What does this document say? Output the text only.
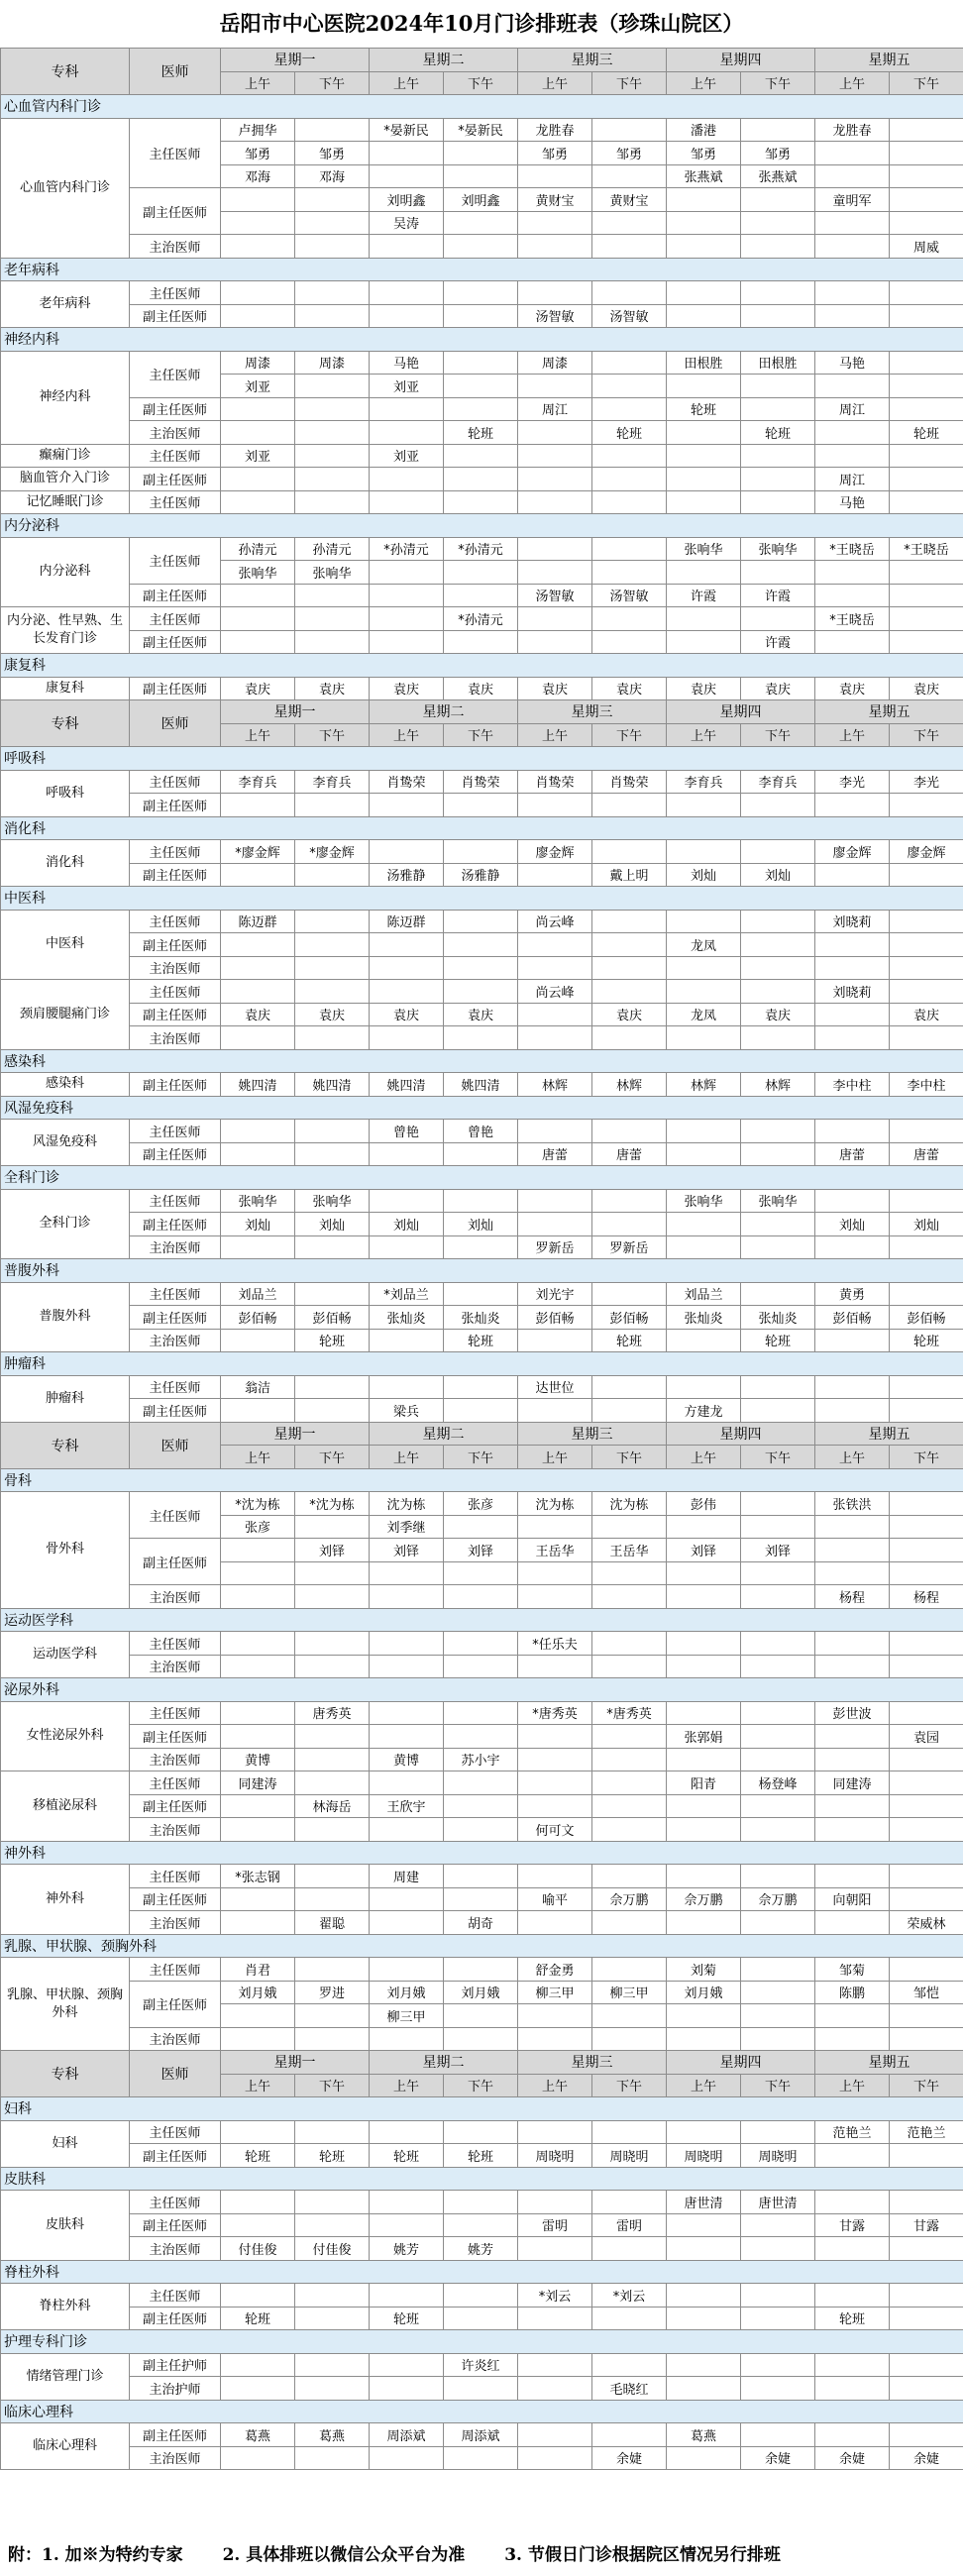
岳阳市中心医院2024年10月门诊排班表（珍珠山院区）
专科	医师	星期一		星期二		星期三		星期四		星期五	
		上午	下午	上午	下午	上午	下午	上午	下午	上午	下午
心血管内科门诊											
心血管内科门诊	主任医师	卢拥华		*晏新民	*晏新民	龙胜春		潘港		龙胜春	
		邹勇	邹勇			邹勇	邹勇	邹勇	邹勇		
		邓海	邓海					张燕斌	张燕斌		
	副主任医师			刘明鑫	刘明鑫	黄财宝	黄财宝			童明军	
				吴涛							
	主治医师										周威
老年病科											
老年病科	主任医师										
	副主任医师					汤智敏	汤智敏				
神经内科											
神经内科	主任医师	周漆	周漆	马艳		周漆		田根胜	田根胜	马艳	
		刘亚		刘亚							
	副主任医师					周江		轮班		周江	
	主治医师				轮班		轮班		轮班		轮班
癫痫门诊	主任医师	刘亚		刘亚							
脑血管介入门诊	副主任医师									周江	
记忆睡眠门诊	主任医师									马艳	
内分泌科											
内分泌科	主任医师	孙清元	孙清元	*孙清元	*孙清元			张响华	张响华	*王晓岳	*王晓岳
		张响华	张响华								
	副主任医师					汤智敏	汤智敏	许霞	许霞		
内分泌、性早熟、生长发育门诊	主任医师				*孙清元					*王晓岳	
	副主任医师								许霞		
康复科											
康复科	副主任医师	袁庆	袁庆	袁庆	袁庆	袁庆	袁庆	袁庆	袁庆	袁庆	袁庆
专科	医师	星期一		星期二		星期三		星期四		星期五	
		上午	下午	上午	下午	上午	下午	上午	下午	上午	下午
呼吸科											
呼吸科	主任医师	李育兵	李育兵	肖鸷荣	肖鸷荣	肖鸷荣	肖鸷荣	李育兵	李育兵	李光	李光
	副主任医师										
消化科											
消化科	主任医师	*廖金辉	*廖金辉			廖金辉				廖金辉	廖金辉
	副主任医师			汤雅静	汤雅静		戴上明	刘灿	刘灿		
中医科											
中医科	主任医师	陈迈群		陈迈群		尚云峰				刘晓莉	
	副主任医师							龙凤			
	主治医师										
颈肩腰腿痛门诊	主任医师					尚云峰				刘晓莉	
	副主任医师	袁庆	袁庆	袁庆	袁庆		袁庆	龙凤	袁庆		袁庆
	主治医师										
感染科											
感染科	副主任医师	姚四清	姚四清	姚四清	姚四清	林辉	林辉	林辉	林辉	李中柱	李中柱
风湿免疫科											
风湿免疫科	主任医师			曾艳	曾艳						
	副主任医师					唐蕾	唐蕾			唐蕾	唐蕾
全科门诊											
全科门诊	主任医师	张响华	张响华					张响华	张响华		
	副主任医师	刘灿	刘灿	刘灿	刘灿					刘灿	刘灿
	主治医师					罗新岳	罗新岳				
普腹外科											
普腹外科	主任医师	刘品兰		*刘品兰		刘光宇		刘品兰		黄勇	
	副主任医师	彭佰畅	彭佰畅	张灿炎	张灿炎	彭佰畅	彭佰畅	张灿炎	张灿炎	彭佰畅	彭佰畅
	主治医师		轮班		轮班		轮班		轮班		轮班
肿瘤科											
肿瘤科	主任医师	翁洁				达世位					
	副主任医师			梁兵				方建龙			
专科	医师	星期一		星期二		星期三		星期四		星期五	
		上午	下午	上午	下午	上午	下午	上午	下午	上午	下午
骨科											
骨外科	主任医师	*沈为栋	*沈为栋	沈为栋	张彦	沈为栋	沈为栋	彭伟		张铁洪	
		张彦		刘季继							
	副主任医师		刘铎	刘铎	刘铎	王岳华	王岳华	刘铎	刘铎		

	主治医师									杨程	杨程
运动医学科											
运动医学科	主任医师					*任乐夫					
	主治医师										
泌尿外科											
女性泌尿外科	主任医师		唐秀英			*唐秀英	*唐秀英			彭世波	
	副主任医师							张郭娟			袁园
	主治医师	黄博		黄博	苏小宇						
移植泌尿科	主任医师	同建涛						阳青	杨登峰	同建涛	
	副主任医师		林海岳	王欣宇							
	主治医师					何可文					
神外科											
神外科	主任医师	*张志钢		周建							
	副主任医师					喻平	佘万鹏	佘万鹏	佘万鹏	向朝阳	
	主治医师		翟聪		胡奇						荣威林
乳腺、甲状腺、颈胸外科											
乳腺、甲状腺、颈胸外科	主任医师	肖君				舒金勇		刘菊		邹菊	
	副主任医师	刘月娥	罗进	刘月娥	刘月娥	柳三甲	柳三甲	刘月娥		陈鹏	邹恺
				柳三甲							
	主治医师										
专科	医师	星期一		星期二		星期三		星期四		星期五	
		上午	下午	上午	下午	上午	下午	上午	下午	上午	下午
妇科											
妇科	主任医师									范艳兰	范艳兰
	副主任医师	轮班	轮班	轮班	轮班	周晓明	周晓明	周晓明	周晓明		
皮肤科											
皮肤科	主任医师							唐世清	唐世清		
	副主任医师					雷明	雷明			甘露	甘露
	主治医师	付佳俊	付佳俊	姚芳	姚芳						
脊柱外科											
脊柱外科	主任医师					*刘云	*刘云				
	副主任医师	轮班		轮班						轮班	
护理专科门诊											
情绪管理门诊	副主任护师				许炎红						
	主治护师						毛晓红				
临床心理科											
临床心理科	副主任医师	葛燕	葛燕	周添斌	周添斌			葛燕			
	主治医师						余婕		余婕	余婕	余婕
附：1. 加※为特约专家 2. 具体排班以微信公众平台为准 3. 节假日门诊根据院区情况另行排班
